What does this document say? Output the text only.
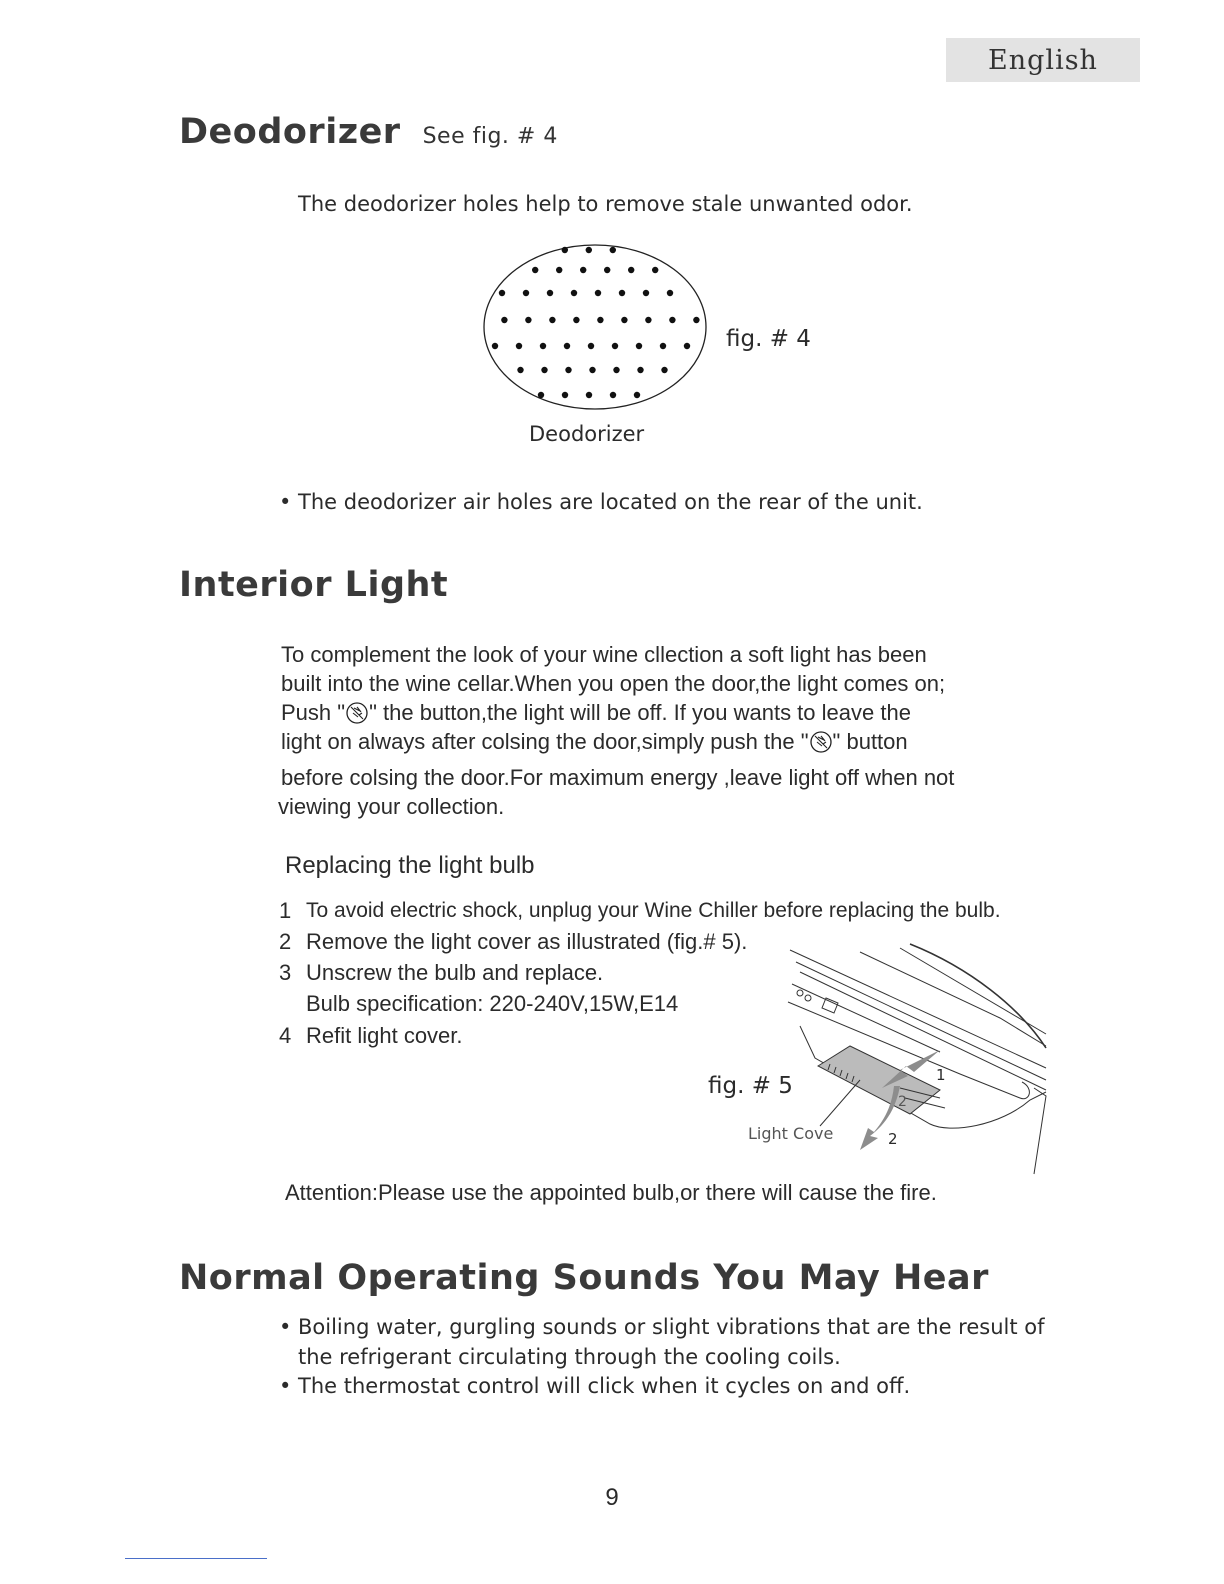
English
Deodorizer See fig. # 4
The deodorizer holes help to remove stale unwanted odor.
fig. # 4
Deodorizer
• The deodorizer air holes are located on the rear of the unit.
Interior Light
To complement the look of your wine cllection a soft light has been
built into the wine cellar.When you open the door,the light comes on;
Push " " the button,the light will be off. If you wants to leave the
light on always after colsing the door,simply push the " " button
before colsing the door.For maximum energy ,leave light off when not
viewing your collection.
Replacing the light bulb
1 To avoid electric shock, unplug your Wine Chiller before replacing the bulb.
2 Remove the light cover as illustrated (fig.# 5).
3 Unscrew the bulb and replace.
Bulb specification: 220-240V,15W,E14
4 Refit light cover.
fig. # 5
Light Cove
1
2
2
Attention:Please use the appointed bulb,or there will cause the fire.
Normal Operating Sounds You May Hear
• Boiling water, gurgling sounds or slight vibrations that are the result of
the refrigerant circulating through the cooling coils.
• The thermostat control will click when it cycles on and off.
9
